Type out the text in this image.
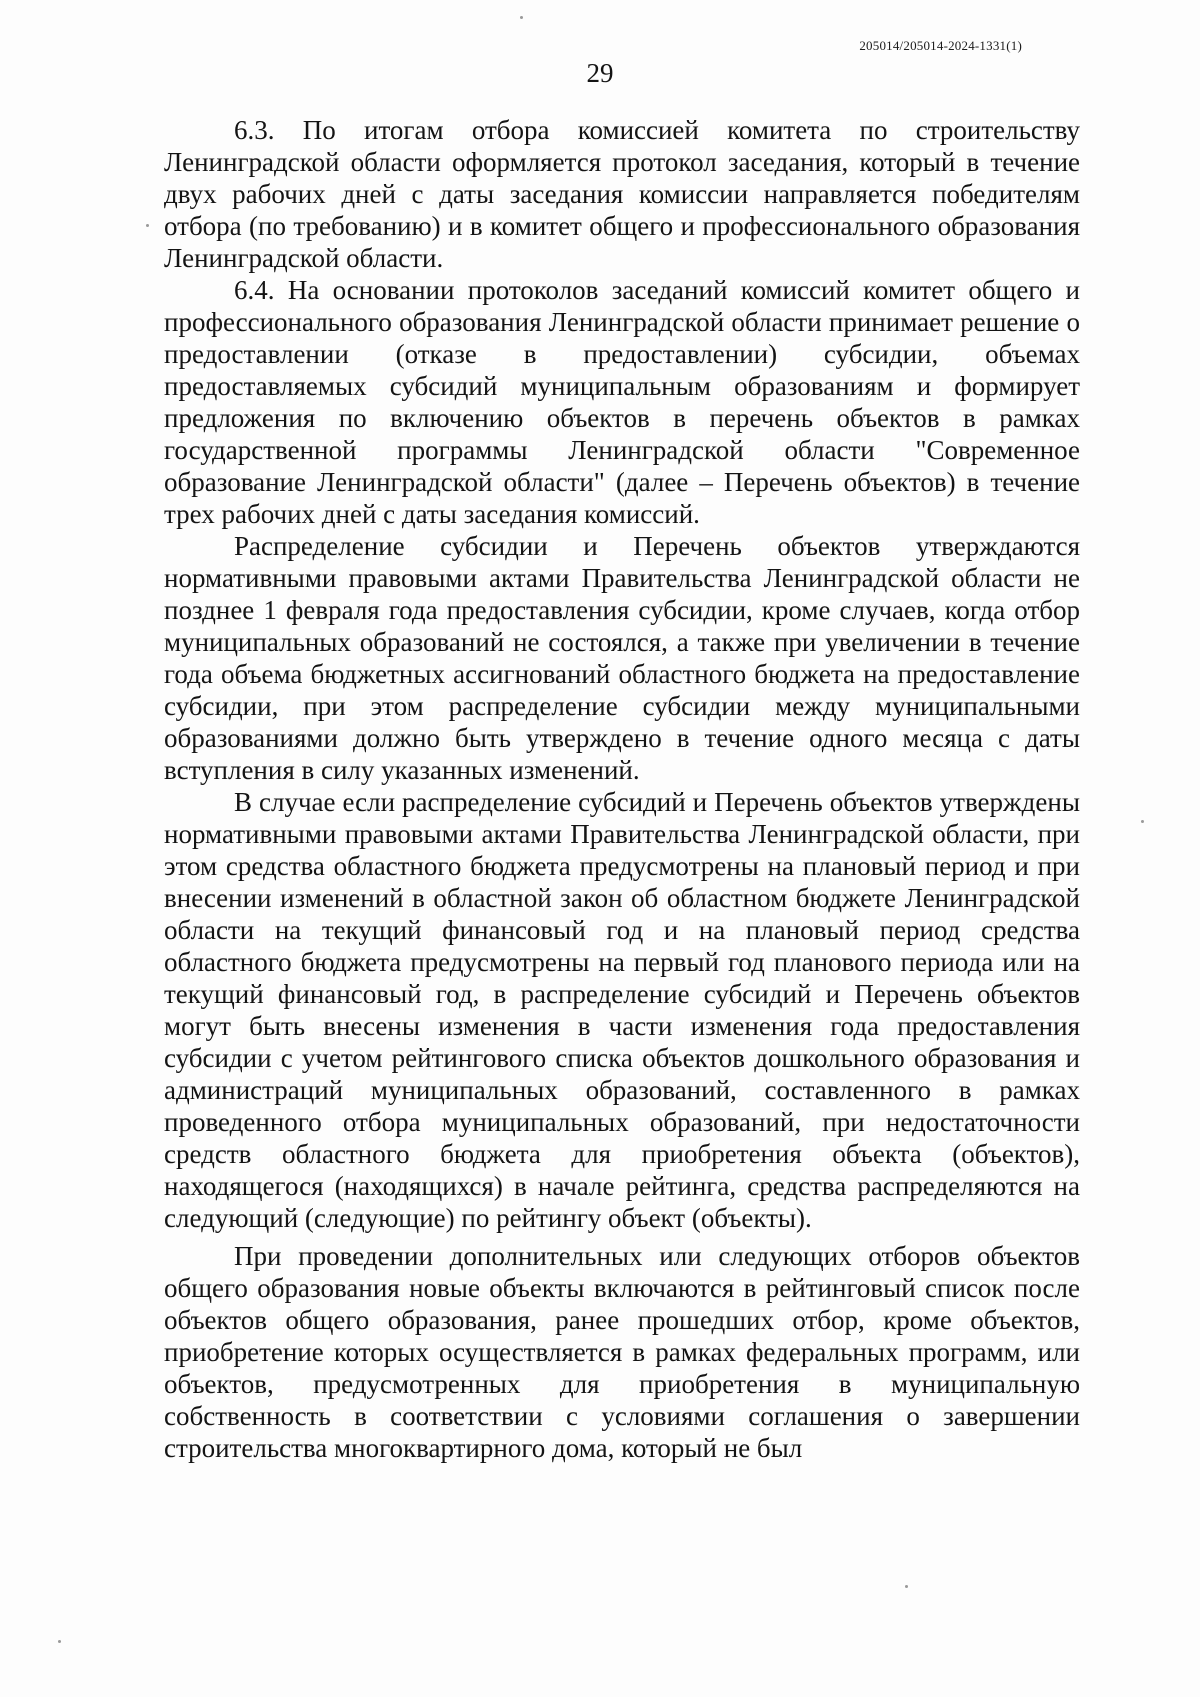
205014/205014-2024-1331(1)
29

6.3. По итогам отбора комиссией комитета по строительству Ленинградской области оформляется протокол заседания, который в течение двух рабочих дней с даты заседания комиссии направляется победителям отбора (по требованию) и в комитет общего и профессионального образования Ленинградской области.

6.4. На основании протоколов заседаний комиссий комитет общего и профессионального образования Ленинградской области принимает решение о предоставлении (отказе в предоставлении) субсидии, объемах предоставляемых субсидий муниципальным образованиям и формирует предложения по включению объектов в перечень объектов в рамках государственной программы Ленинградской области "Современное образование Ленинградской области" (далее – Перечень объектов) в течение трех рабочих дней с даты заседания комиссий.

Распределение субсидии и Перечень объектов утверждаются нормативными правовыми актами Правительства Ленинградской области не позднее 1 февраля года предоставления субсидии, кроме случаев, когда отбор муниципальных образований не состоялся, а также при увеличении в течение года объема бюджетных ассигнований областного бюджета на предоставление субсидии, при этом распределение субсидии между муниципальными образованиями должно быть утверждено в течение одного месяца с даты вступления в силу указанных изменений.

В случае если распределение субсидий и Перечень объектов утверждены нормативными правовыми актами Правительства Ленинградской области, при этом средства областного бюджета предусмотрены на плановый период и при внесении изменений в областной закон об областном бюджете Ленинградской области на текущий финансовый год и на плановый период средства областного бюджета предусмотрены на первый год планового периода или на текущий финансовый год, в распределение субсидий и Перечень объектов могут быть внесены изменения в части изменения года предоставления субсидии с учетом рейтингового списка объектов дошкольного образования и администраций муниципальных образований, составленного в рамках проведенного отбора муниципальных образований, при недостаточности средств областного бюджета для приобретения объекта (объектов), находящегося (находящихся) в начале рейтинга, средства распределяются на следующий (следующие) по рейтингу объект (объекты).

При проведении дополнительных или следующих отборов объектов общего образования новые объекты включаются в рейтинговый список после объектов общего образования, ранее прошедших отбор, кроме объектов, приобретение которых осуществляется в рамках федеральных программ, или объектов, предусмотренных для приобретения в муниципальную собственность в соответствии с условиями соглашения о завершении строительства многоквартирного дома, который не был
